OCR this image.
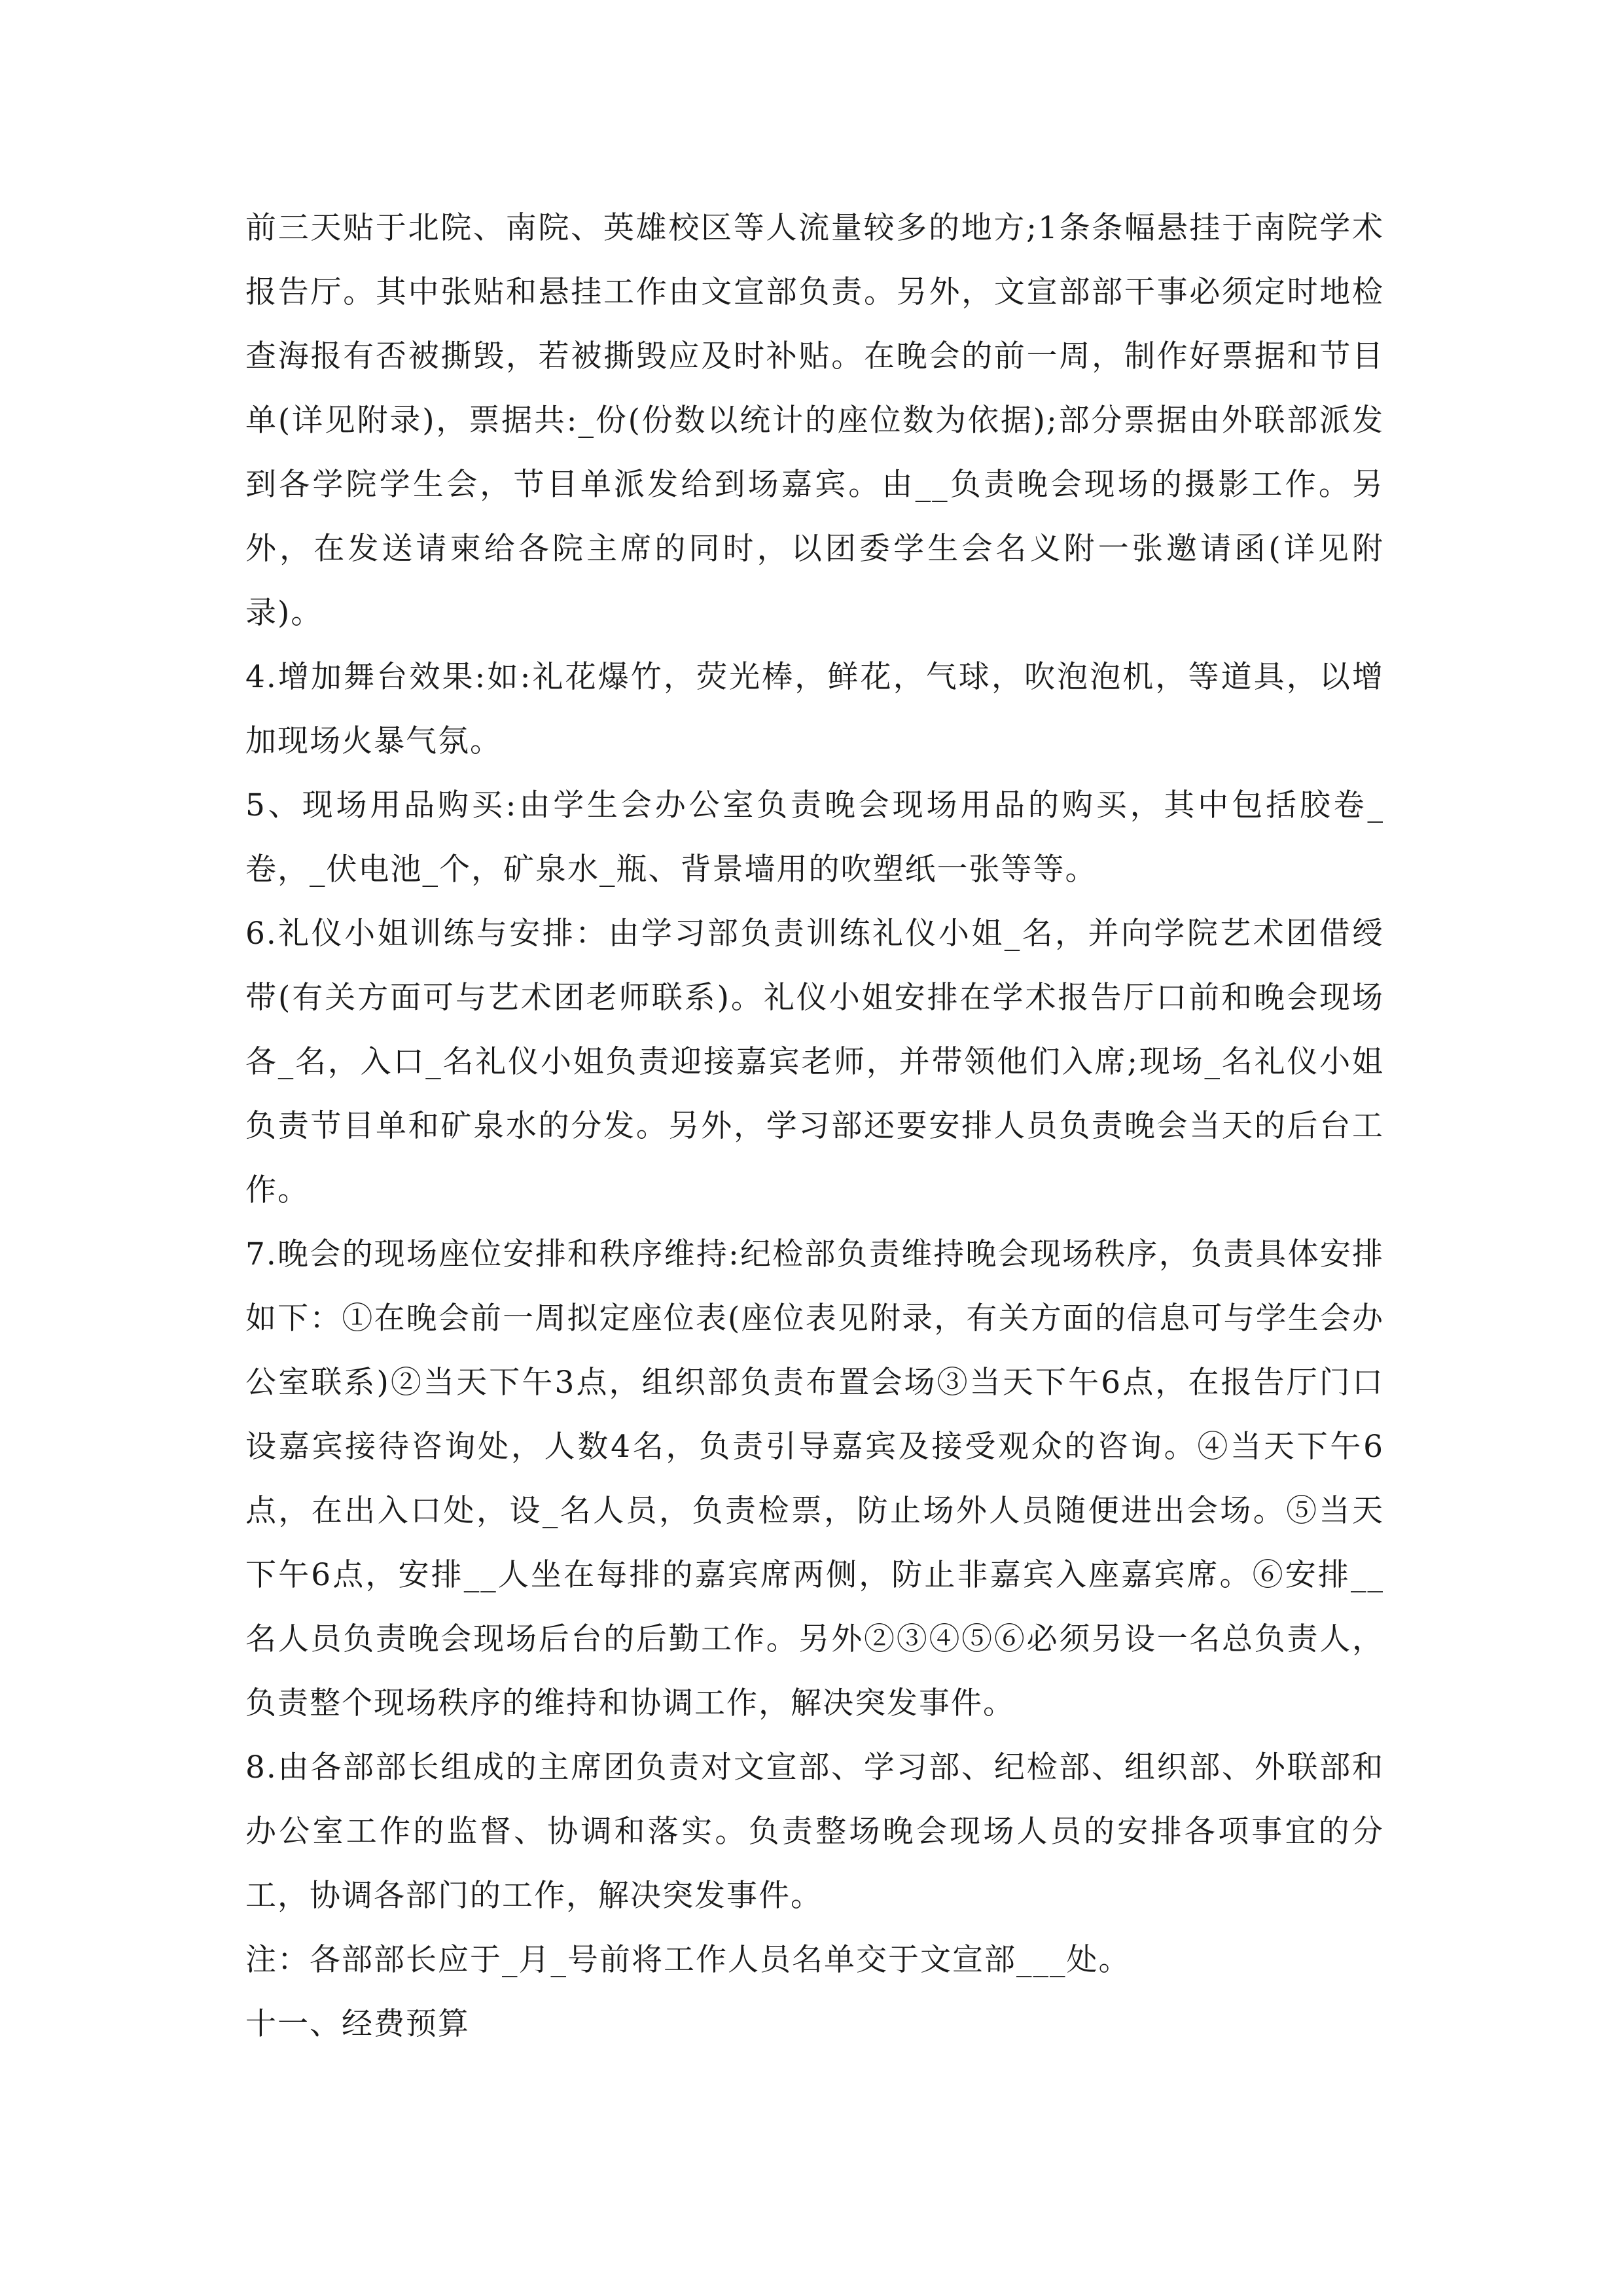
前三天贴于北院、南院、英雄校区等人流量较多的地方;1条条幅悬挂于南院学术报告厅。其中张贴和悬挂工作由文宣部负责。另外，文宣部部干事必须定时地检查海报有否被撕毁，若被撕毁应及时补贴。在晚会的前一周，制作好票据和节目单(详见附录)，票据共:_份(份数以统计的座位数为依据);部分票据由外联部派发到各学院学生会，节目单派发给到场嘉宾。由__负责晚会现场的摄影工作。另外，在发送请柬给各院主席的同时，以团委学生会名义附一张邀请函(详见附录)。

4.增加舞台效果:如:礼花爆竹，荧光棒，鲜花，气球，吹泡泡机，等道具，以增加现场火暴气氛。

5、现场用品购买:由学生会办公室负责晚会现场用品的购买，其中包括胶卷_卷，_伏电池_个，矿泉水_瓶、背景墙用的吹塑纸一张等等。

6.礼仪小姐训练与安排：由学习部负责训练礼仪小姐_名，并向学院艺术团借绶带(有关方面可与艺术团老师联系)。礼仪小姐安排在学术报告厅口前和晚会现场各_名，入口_名礼仪小姐负责迎接嘉宾老师，并带领他们入席;现场_名礼仪小姐负责节目单和矿泉水的分发。另外，学习部还要安排人员负责晚会当天的后台工作。

7.晚会的现场座位安排和秩序维持:纪检部负责维持晚会现场秩序，负责具体安排如下：①在晚会前一周拟定座位表(座位表见附录，有关方面的信息可与学生会办公室联系)②当天下午3点，组织部负责布置会场③当天下午6点，在报告厅门口设嘉宾接待咨询处，人数4名，负责引导嘉宾及接受观众的咨询。④当天下午6点，在出入口处，设_名人员，负责检票，防止场外人员随便进出会场。⑤当天下午6点，安排__人坐在每排的嘉宾席两侧，防止非嘉宾入座嘉宾席。⑥安排__名人员负责晚会现场后台的后勤工作。另外②③④⑤⑥必须另设一名总负责人，负责整个现场秩序的维持和协调工作，解决突发事件。

8.由各部部长组成的主席团负责对文宣部、学习部、纪检部、组织部、外联部和办公室工作的监督、协调和落实。负责整场晚会现场人员的安排各项事宜的分工，协调各部门的工作，解决突发事件。

注：各部部长应于_月_号前将工作人员名单交于文宣部___处。

十一、经费预算
